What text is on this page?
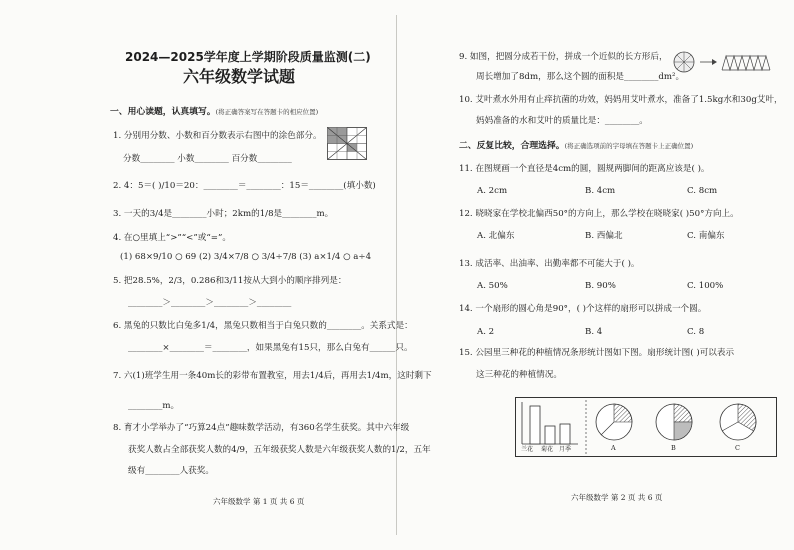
2024—2025学年度上学期阶段质量监测(二)
六年级数学试题
一、用心读题，认真填写。(将正确答案写在答题卡的相应位置)
1. 分别用分数、小数和百分数表示右图中的涂色部分。
分数________ 小数________ 百分数________
2. 4：5＝( )/10＝20：________＝________：15＝________(填小数)
3. 一天的3/4是________小时；2km的1/8是________m。
4. 在○里填上“>”“<”或“=”。
(1) 68×9/10 ○ 69 (2) 3/4×7/8 ○ 3/4÷7/8 (3) a×1/4 ○ a÷4
5. 把28.5%，2/3，0.286和3/11按从大到小的顺序排列是：
________＞________＞________＞________
6. 黑兔的只数比白兔多1/4，黑兔只数相当于白兔只数的________。关系式是：
________×________＝________，如果黑兔有15只，那么白兔有______只。
7. 六(1)班学生用一条40m长的彩带布置教室，用去1/4后，再用去1/4m，这时剩下
________m。
8. 育才小学举办了“巧算24点”趣味数学活动，有360名学生获奖。其中六年级
获奖人数占全部获奖人数的4/9，五年级获奖人数是六年级获奖人数的1/2，五年
级有________人获奖。
六年级数学 第 1 页 共 6 页
9. 如图，把圆分成若干份，拼成一个近似的长方形后，
周长增加了8dm，那么这个圆的面积是________dm²。
10. 艾叶煮水外用有止痒抗菌的功效，妈妈用艾叶煮水，准备了1.5kg水和30g艾叶，
妈妈准备的水和艾叶的质量比是：________。
二、反复比较，合理选择。(将正确选项前的字母填在答题卡上正确位置)
11. 在图规画一个直径是4cm的圆，圆规两脚间的距离应该是( )。
A. 2cm	B. 4cm	C. 8cm
12. 晓晓家在学校北偏西50°的方向上，那么学校在晓晓家( )50°方向上。
A. 北偏东	B. 西偏北	C. 南偏东
13. 成活率、出油率、出勤率都不可能大于( )。
A. 50%	B. 90%	C. 100%
14. 一个扇形的圆心角是90°，( )个这样的扇形可以拼成一个圆。
A. 2	B. 4	C. 8
15. 公园里三种花的种植情况条形统计图如下图。扇形统计图( )可以表示
这三种花的种植情况。
兰花 菊花 月季	A	B	C
六年级数学 第 2 页 共 6 页
